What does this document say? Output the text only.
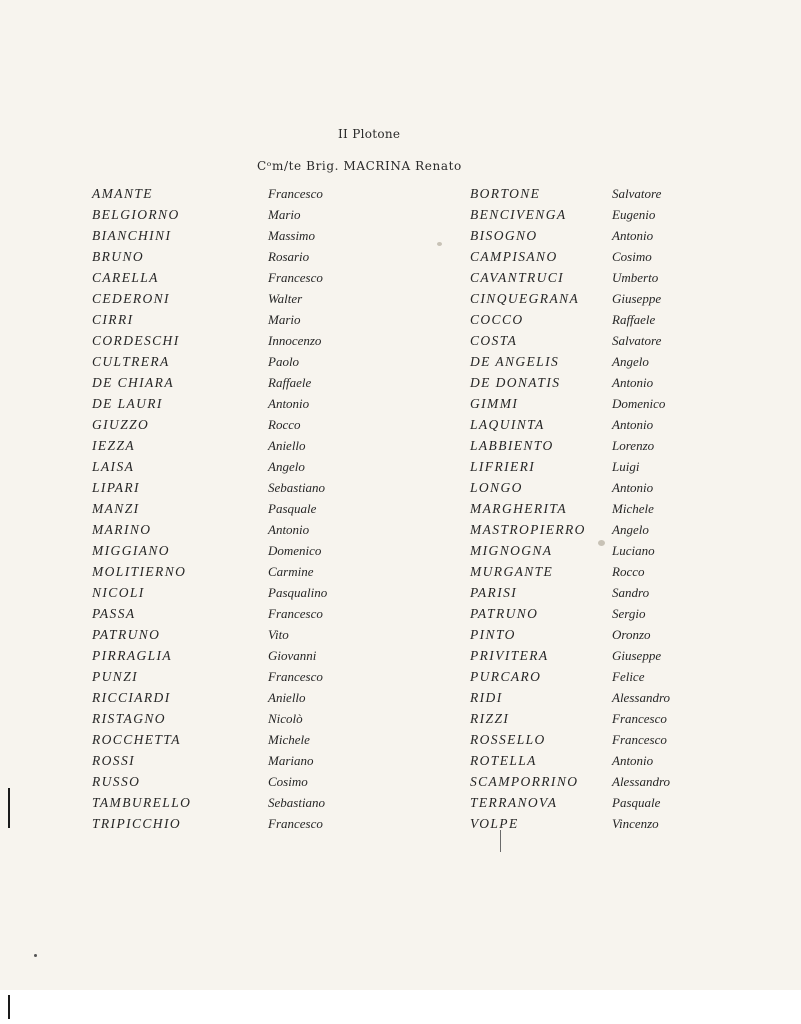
II Plotone
Cᵒm/te Brig. MACRINA Renato
AMANTE	Francesco
BELGIORNO	Mario
BIANCHINI	Massimo
BRUNO	Rosario
CARELLA	Francesco
CEDERONI	Walter
CIRRI	Mario
CORDESCHI	Innocenzo
CULTRERA	Paolo
DE CHIARA	Raffaele
DE LAURI	Antonio
GIUZZO	Rocco
IEZZA	Aniello
LAISA	Angelo
LIPARI	Sebastiano
MANZI	Pasquale
MARINO	Antonio
MIGGIANO	Domenico
MOLITIERNO	Carmine
NICOLI	Pasqualino
PASSA	Francesco
PATRUNO	Vito
PIRRAGLIA	Giovanni
PUNZI	Francesco
RICCIARDI	Aniello
RISTAGNO	Nicolò
ROCCHETTA	Michele
ROSSI	Mariano
RUSSO	Cosimo
TAMBURELLO	Sebastiano
TRIPICCHIO	Francesco
BORTONE	Salvatore
BENCIVENGA	Eugenio
BISOGNO	Antonio
CAMPISANO	Cosimo
CAVANTRUCI	Umberto
CINQUEGRANA	Giuseppe
COCCO	Raffaele
COSTA	Salvatore
DE ANGELIS	Angelo
DE DONATIS	Antonio
GIMMI	Domenico
LAQUINTA	Antonio
LABBIENTO	Lorenzo
LIFRIERI	Luigi
LONGO	Antonio
MARGHERITA	Michele
MASTROPIERRO Angelo
MIGNOGNA	Luciano
MURGANTE	Rocco
PARISI	Sandro
PATRUNO	Sergio
PINTO	Oronzo
PRIVITERA	Giuseppe
PURCARO	Felice
RIDI	Alessandro
RIZZI	Francesco
ROSSELLO	Francesco
ROTELLA	Antonio
SCAMPORRINO	Alessandro
TERRANOVA	Pasquale
VOLPE	Vincenzo
